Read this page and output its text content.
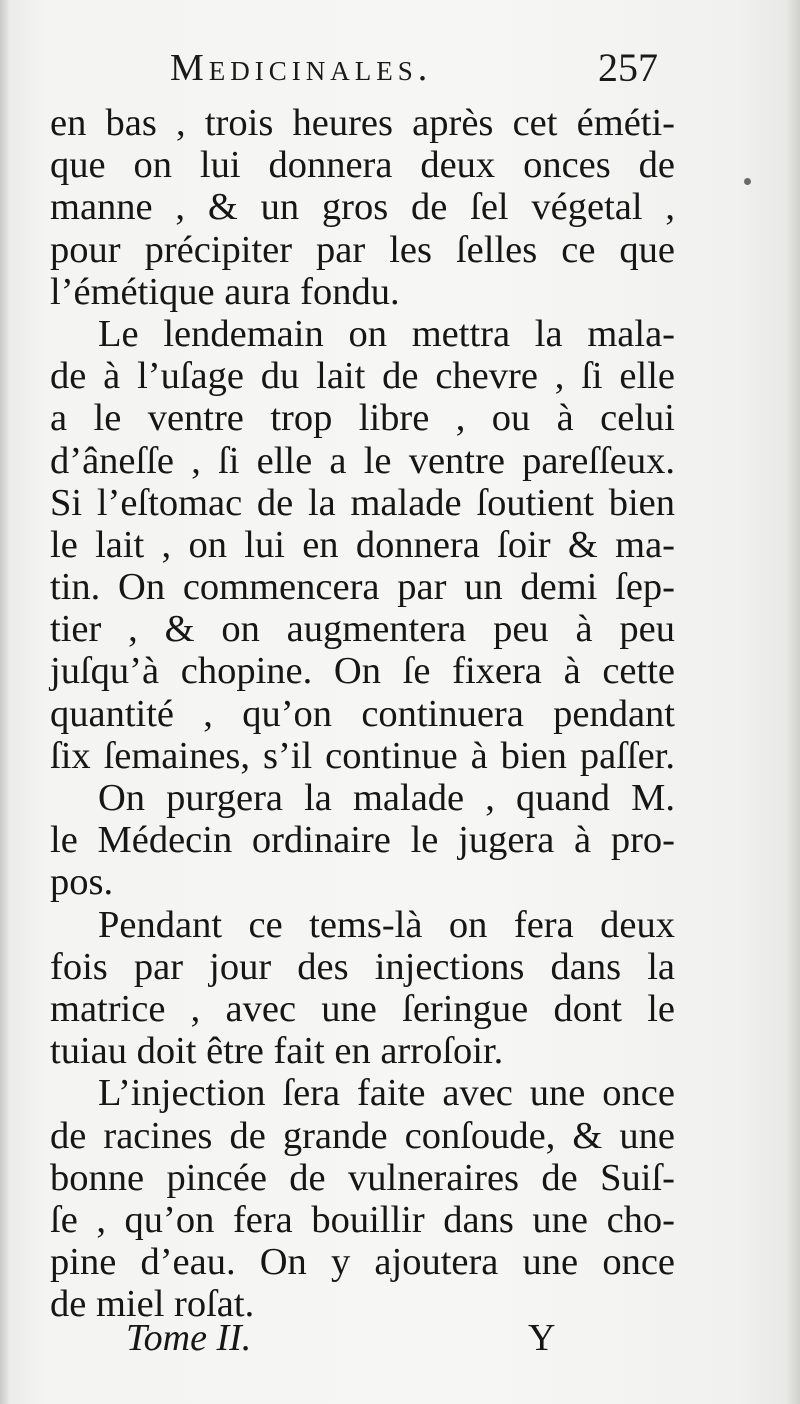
Medicinales.	257
en bas , trois heures après cet éméti-
que on lui donnera deux onces de
manne , & un gros de ſel végetal ,
pour précipiter par les ſelles ce que
l’émétique aura fondu.
Le lendemain on mettra la mala-
de à l’uſage du lait de chevre , ſi elle
a le ventre trop libre , ou à celui
d’âneſſe , ſi elle a le ventre pareſſeux.
Si l’eſtomac de la malade ſoutient bien
le lait , on lui en donnera ſoir & ma-
tin. On commencera par un demi ſep-
tier , & on augmentera peu à peu
juſqu’à chopine. On ſe fixera à cette
quantité , qu’on continuera pendant
ſix ſemaines, s’il continue à bien paſſer.
On purgera la malade , quand M.
le Médecin ordinaire le jugera à pro-
pos.
Pendant ce tems-là on fera deux
fois par jour des injections dans la
matrice , avec une ſeringue dont le
tuiau doit être fait en arroſoir.
L’injection ſera faite avec une once
de racines de grande conſoude, & une
bonne pincée de vulneraires de Suiſ-
ſe , qu’on fera bouillir dans une cho-
pine d’eau. On y ajoutera une once
de miel roſat.
Tome II.	Y
